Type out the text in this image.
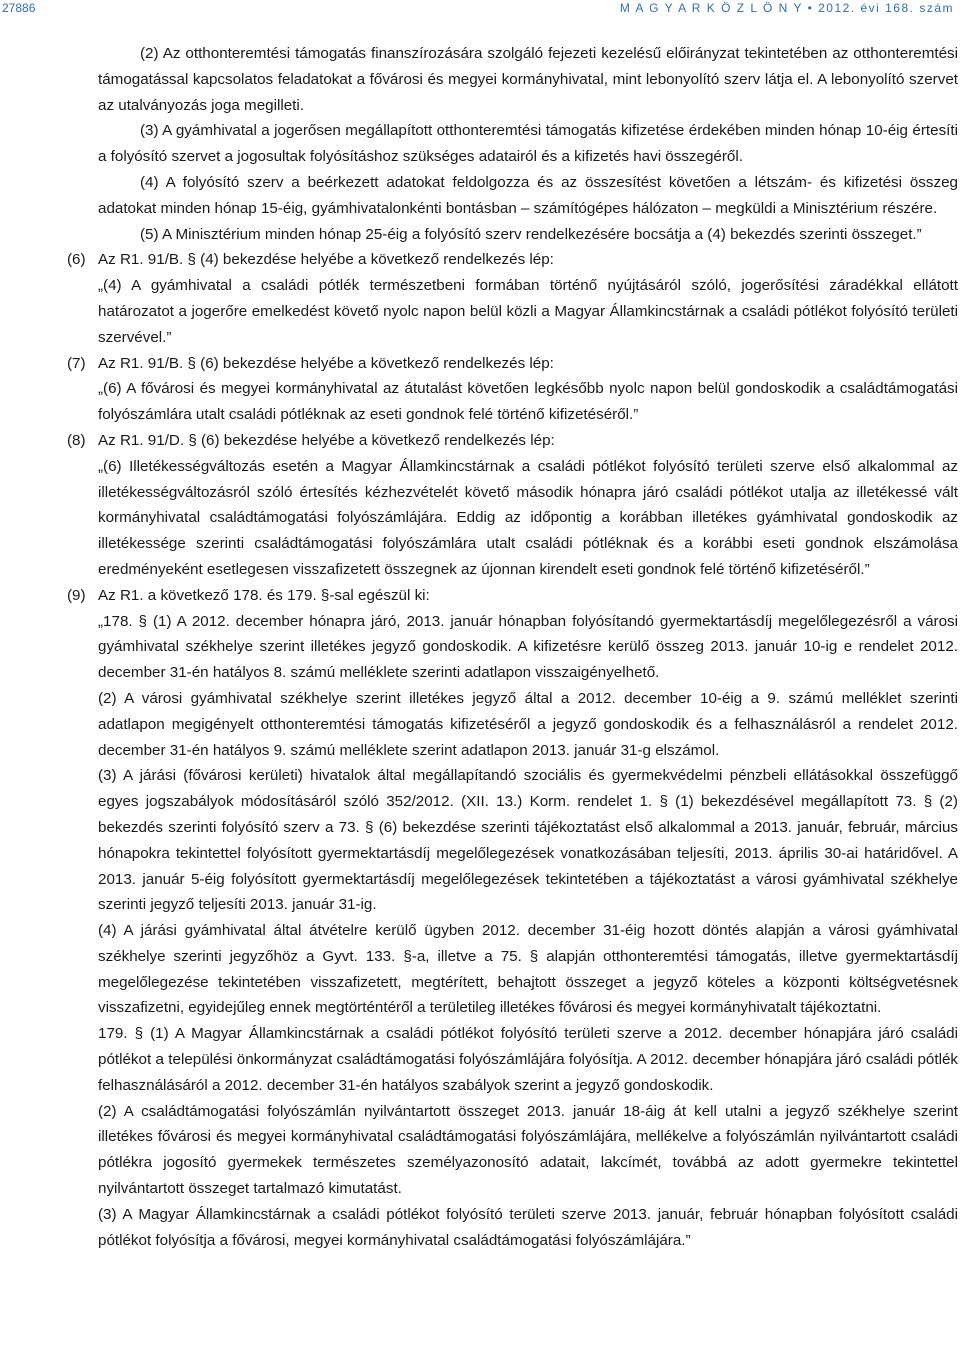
27886	M A G Y A R K Ö Z L Ö N Y • 2012. évi 168. szám

(2) Az otthonteremtési támogatás finanszírozására szolgáló fejezeti kezelésű előirányzat tekintetében az otthonteremtési támogatással kapcsolatos feladatokat a fővárosi és megyei kormányhivatal, mint lebonyolító szerv látja el. A lebonyolító szervet az utalványozás joga megilleti.

(3) A gyámhivatal a jogerősen megállapított otthonteremtési támogatás kifizetése érdekében minden hónap 10-éig értesíti a folyósító szervet a jogosultak folyósításhoz szükséges adatairól és a kifizetés havi összegéről.

(4) A folyósító szerv a beérkezett adatokat feldolgozza és az összesítést követően a létszám- és kifizetési összeg adatokat minden hónap 15-éig, gyámhivatalonkénti bontásban – számítógépes hálózaton – megküldi a Minisztérium részére.

(5) A Minisztérium minden hónap 25-éig a folyósító szerv rendelkezésére bocsátja a (4) bekezdés szerinti összeget.”

(6) Az R1. 91/B. § (4) bekezdése helyébe a következő rendelkezés lép:

„(4) A gyámhivatal a családi pótlék természetbeni formában történő nyújtásáról szóló, jogerősítési záradékkal ellátott határozatot a jogerőre emelkedést követő nyolc napon belül közli a Magyar Államkincstárnak a családi pótlékot folyósító területi szervével.”

(7) Az R1. 91/B. § (6) bekezdése helyébe a következő rendelkezés lép:

„(6) A fővárosi és megyei kormányhivatal az átutalást követően legkésőbb nyolc napon belül gondoskodik a családtámogatási folyószámlára utalt családi pótléknak az eseti gondnok felé történő kifizetéséről.”

(8) Az R1. 91/D. § (6) bekezdése helyébe a következő rendelkezés lép:

„(6) Illetékességváltozás esetén a Magyar Államkincstárnak a családi pótlékot folyósító területi szerve első alkalommal az illetékességváltozásról szóló értesítés kézhezvételét követő második hónapra járó családi pótlékot utalja az illetékessé vált kormányhivatal családtámogatási folyószámlájára. Eddig az időpontig a korábban illetékes gyámhivatal gondoskodik az illetékessége szerinti családtámogatási folyószámlára utalt családi pótléknak és a korábbi eseti gondnok elszámolása eredményeként esetlegesen visszafizetett összegnek az újonnan kirendelt eseti gondnok felé történő kifizetéséről.”

(9) Az R1. a következő 178. és 179. §-sal egészül ki:

„178. § (1) A 2012. december hónapra járó, 2013. január hónapban folyósítandó gyermektartásdíj megelőlegezésről a városi gyámhivatal székhelye szerint illetékes jegyző gondoskodik. A kifizetésre kerülő összeg 2013. január 10-ig e rendelet 2012. december 31-én hatályos 8. számú melléklete szerinti adatlapon visszaigényelhető.

(2) A városi gyámhivatal székhelye szerint illetékes jegyző által a 2012. december 10-éig a 9. számú melléklet szerinti adatlapon megigényelt otthonteremtési támogatás kifizetéséről a jegyző gondoskodik és a felhasználásról a rendelet 2012. december 31-én hatályos 9. számú melléklete szerint adatlapon 2013. január 31-g elszámol.

(3) A járási (fővárosi kerületi) hivatalok által megállapítandó szociális és gyermekvédelmi pénzbeli ellátásokkal összefüggő egyes jogszabályok módosításáról szóló 352/2012. (XII. 13.) Korm. rendelet 1. § (1) bekezdésével megállapított 73. § (2) bekezdés szerinti folyósító szerv a 73. § (6) bekezdése szerinti tájékoztatást első alkalommal a 2013. január, február, március hónapokra tekintettel folyósított gyermektartásdíj megelőlegezések vonatkozásában teljesíti, 2013. április 30-ai határidővel. A 2013. január 5-éig folyósított gyermektartásdíj megelőlegezések tekintetében a tájékoztatást a városi gyámhivatal székhelye szerinti jegyző teljesíti 2013. január 31-ig.

(4) A járási gyámhivatal által átvételre kerülő ügyben 2012. december 31-éig hozott döntés alapján a városi gyámhivatal székhelye szerinti jegyzőhöz a Gyvt. 133. §-a, illetve a 75. § alapján otthonteremtési támogatás, illetve gyermektartásdíj megelőlegezése tekintetében visszafizetett, megtérített, behajtott összeget a jegyző köteles a központi költségvetésnek visszafizetni, egyidejűleg ennek megtörténtéről a területileg illetékes fővárosi és megyei kormányhivatalt tájékoztatni.

179. § (1) A Magyar Államkincstárnak a családi pótlékot folyósító területi szerve a 2012. december hónapjára járó családi pótlékot a települési önkormányzat családtámogatási folyószámlájára folyósítja. A 2012. december hónapjára járó családi pótlék felhasználásáról a 2012. december 31-én hatályos szabályok szerint a jegyző gondoskodik.

(2) A családtámogatási folyószámlán nyilvántartott összeget 2013. január 18-áig át kell utalni a jegyző székhelye szerint illetékes fővárosi és megyei kormányhivatal családtámogatási folyószámlájára, mellékelve a folyószámlán nyilvántartott családi pótlékra jogosító gyermekek természetes személyazonosító adatait, lakcímét, továbbá az adott gyermekre tekintettel nyilvántartott összeget tartalmazó kimutatást.

(3) A Magyar Államkincstárnak a családi pótlékot folyósító területi szerve 2013. január, február hónapban folyósított családi pótlékot folyósítja a fővárosi, megyei kormányhivatal családtámogatási folyószámlájára.”
